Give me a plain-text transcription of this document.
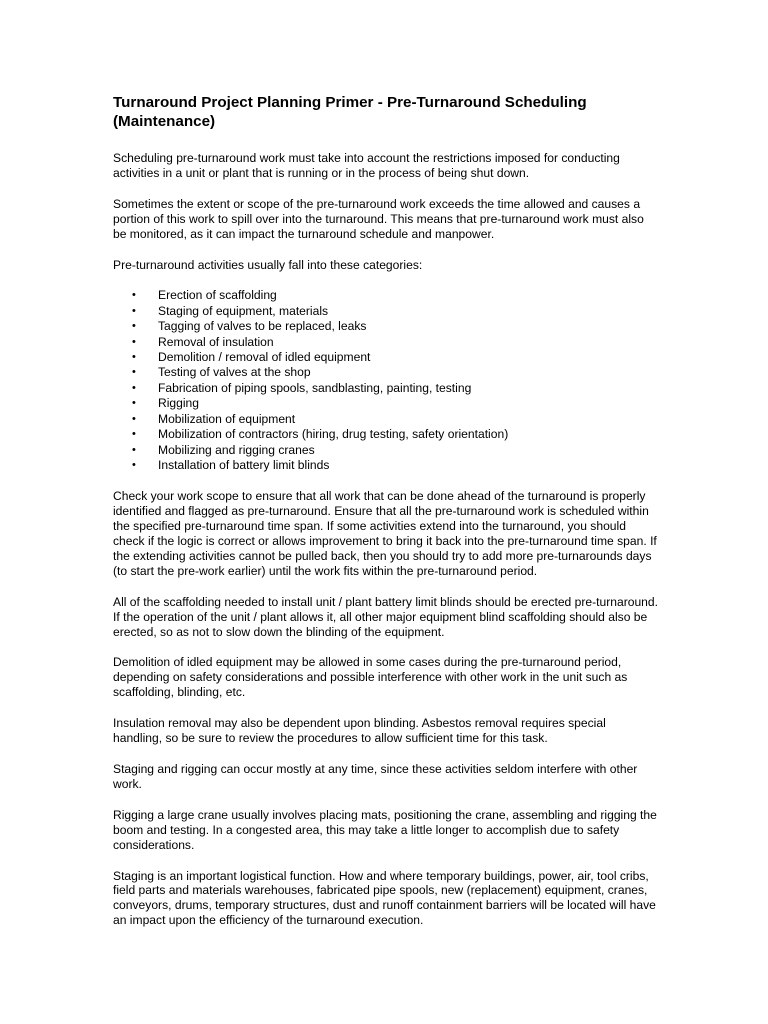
Turnaround Project Planning Primer - Pre-Turnaround Scheduling (Maintenance)

Scheduling pre-turnaround work must take into account the restrictions imposed for conducting activities in a unit or plant that is running or in the process of being shut down.

Sometimes the extent or scope of the pre-turnaround work exceeds the time allowed and causes a portion of this work to spill over into the turnaround. This means that pre-turnaround work must also be monitored, as it can impact the turnaround schedule and manpower.

Pre-turnaround activities usually fall into these categories:

• Erection of scaffolding
• Staging of equipment, materials
• Tagging of valves to be replaced, leaks
• Removal of insulation
• Demolition / removal of idled equipment
• Testing of valves at the shop
• Fabrication of piping spools, sandblasting, painting, testing
• Rigging
• Mobilization of equipment
• Mobilization of contractors (hiring, drug testing, safety orientation)
• Mobilizing and rigging cranes
• Installation of battery limit blinds

Check your work scope to ensure that all work that can be done ahead of the turnaround is properly identified and flagged as pre-turnaround. Ensure that all the pre-turnaround work is scheduled within the specified pre-turnaround time span. If some activities extend into the turnaround, you should check if the logic is correct or allows improvement to bring it back into the pre-turnaround time span. If the extending activities cannot be pulled back, then you should try to add more pre-turnarounds days (to start the pre-work earlier) until the work fits within the pre-turnaround period.

All of the scaffolding needed to install unit / plant battery limit blinds should be erected pre-turnaround. If the operation of the unit / plant allows it, all other major equipment blind scaffolding should also be erected, so as not to slow down the blinding of the equipment.

Demolition of idled equipment may be allowed in some cases during the pre-turnaround period, depending on safety considerations and possible interference with other work in the unit such as scaffolding, blinding, etc.

Insulation removal may also be dependent upon blinding. Asbestos removal requires special handling, so be sure to review the procedures to allow sufficient time for this task.

Staging and rigging can occur mostly at any time, since these activities seldom interfere with other work.

Rigging a large crane usually involves placing mats, positioning the crane, assembling and rigging the boom and testing. In a congested area, this may take a little longer to accomplish due to safety considerations.

Staging is an important logistical function. How and where temporary buildings, power, air, tool cribs, field parts and materials warehouses, fabricated pipe spools, new (replacement) equipment, cranes, conveyors, drums, temporary structures, dust and runoff containment barriers will be located will have an impact upon the efficiency of the turnaround execution.
